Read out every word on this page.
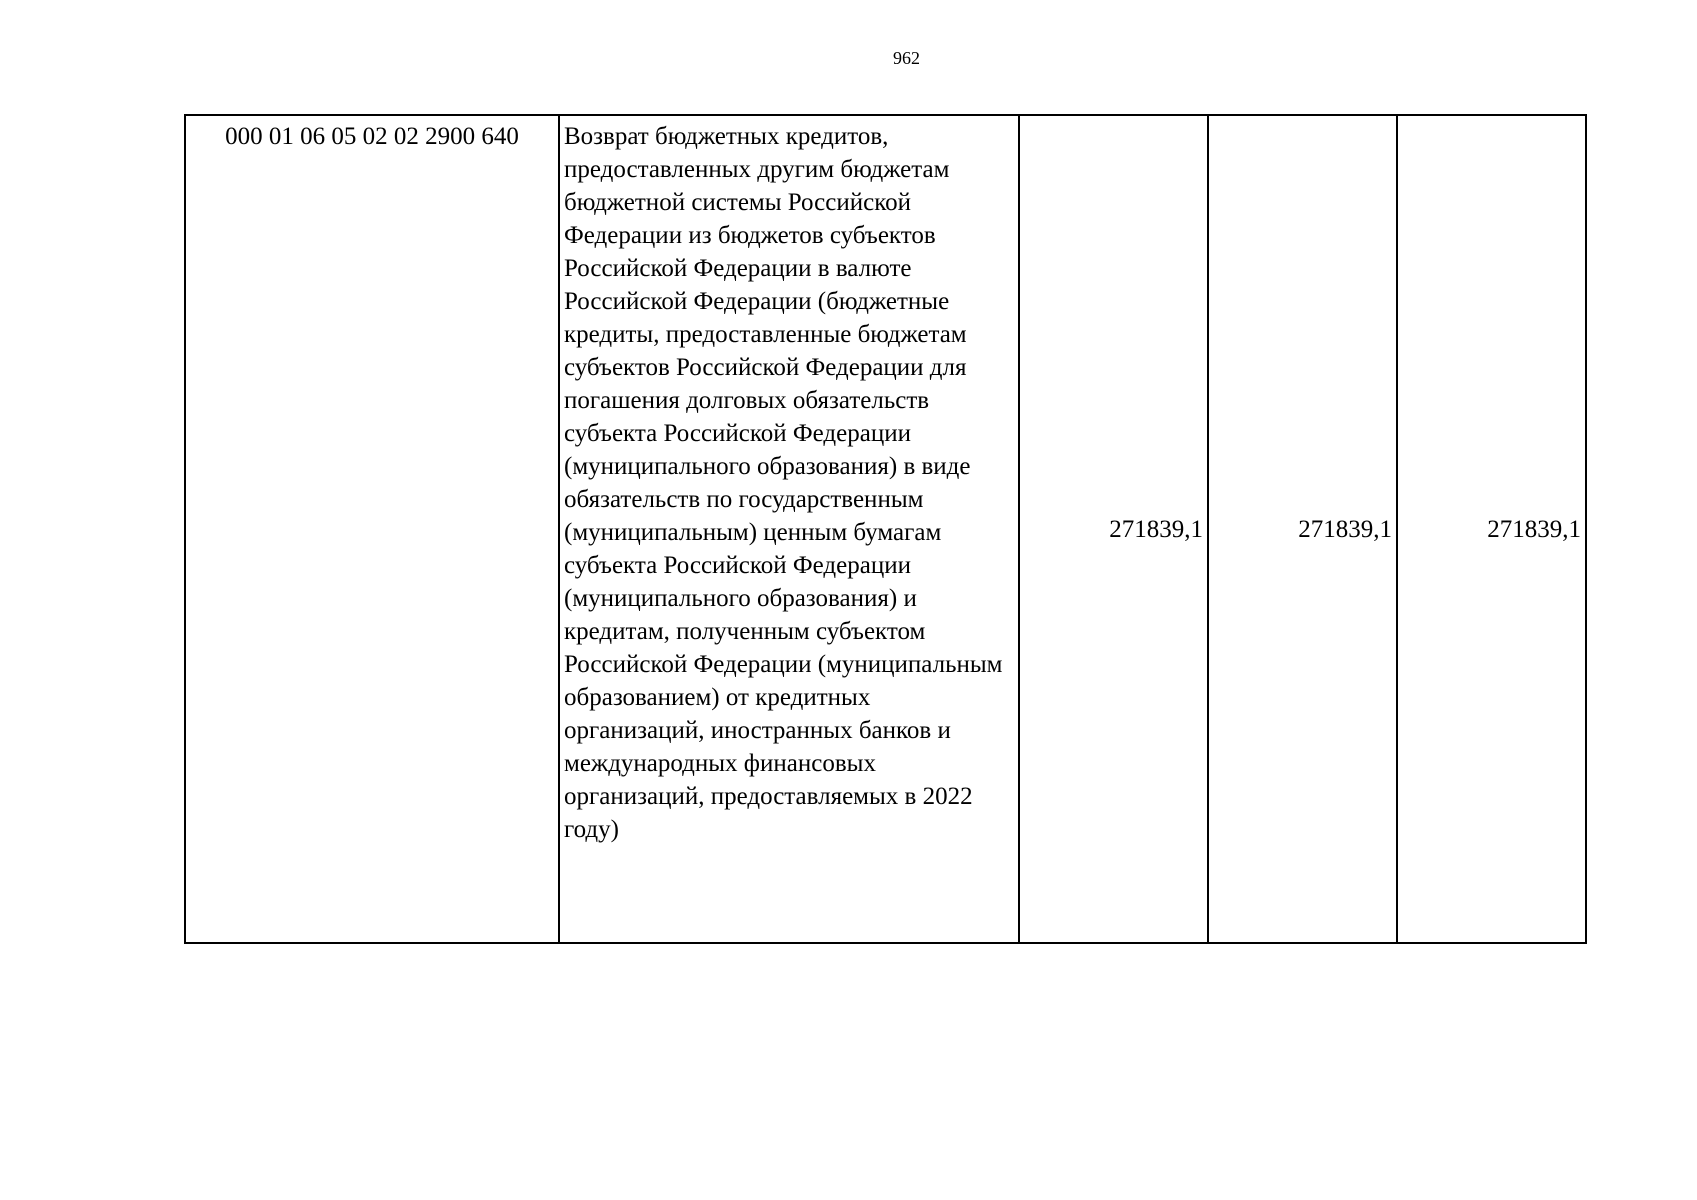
962
000 01 06 05 02 02 2900 640	Возврат бюджетных кредитов, предоставленных другим бюджетам бюджетной системы Российской Федерации из бюджетов субъектов Российской Федерации в валюте Российской Федерации (бюджетные кредиты, предоставленные бюджетам субъектов Российской Федерации для погашения долговых обязательств субъекта Российской Федерации (муниципального образования) в виде обязательств по государственным (муниципальным) ценным бумагам субъекта Российской Федерации (муниципального образования) и кредитам, полученным субъектом Российской Федерации (муниципальным образованием) от кредитных организаций, иностранных банков и международных финансовых организаций, предоставляемых в 2022 году)	271839,1	271839,1	271839,1
